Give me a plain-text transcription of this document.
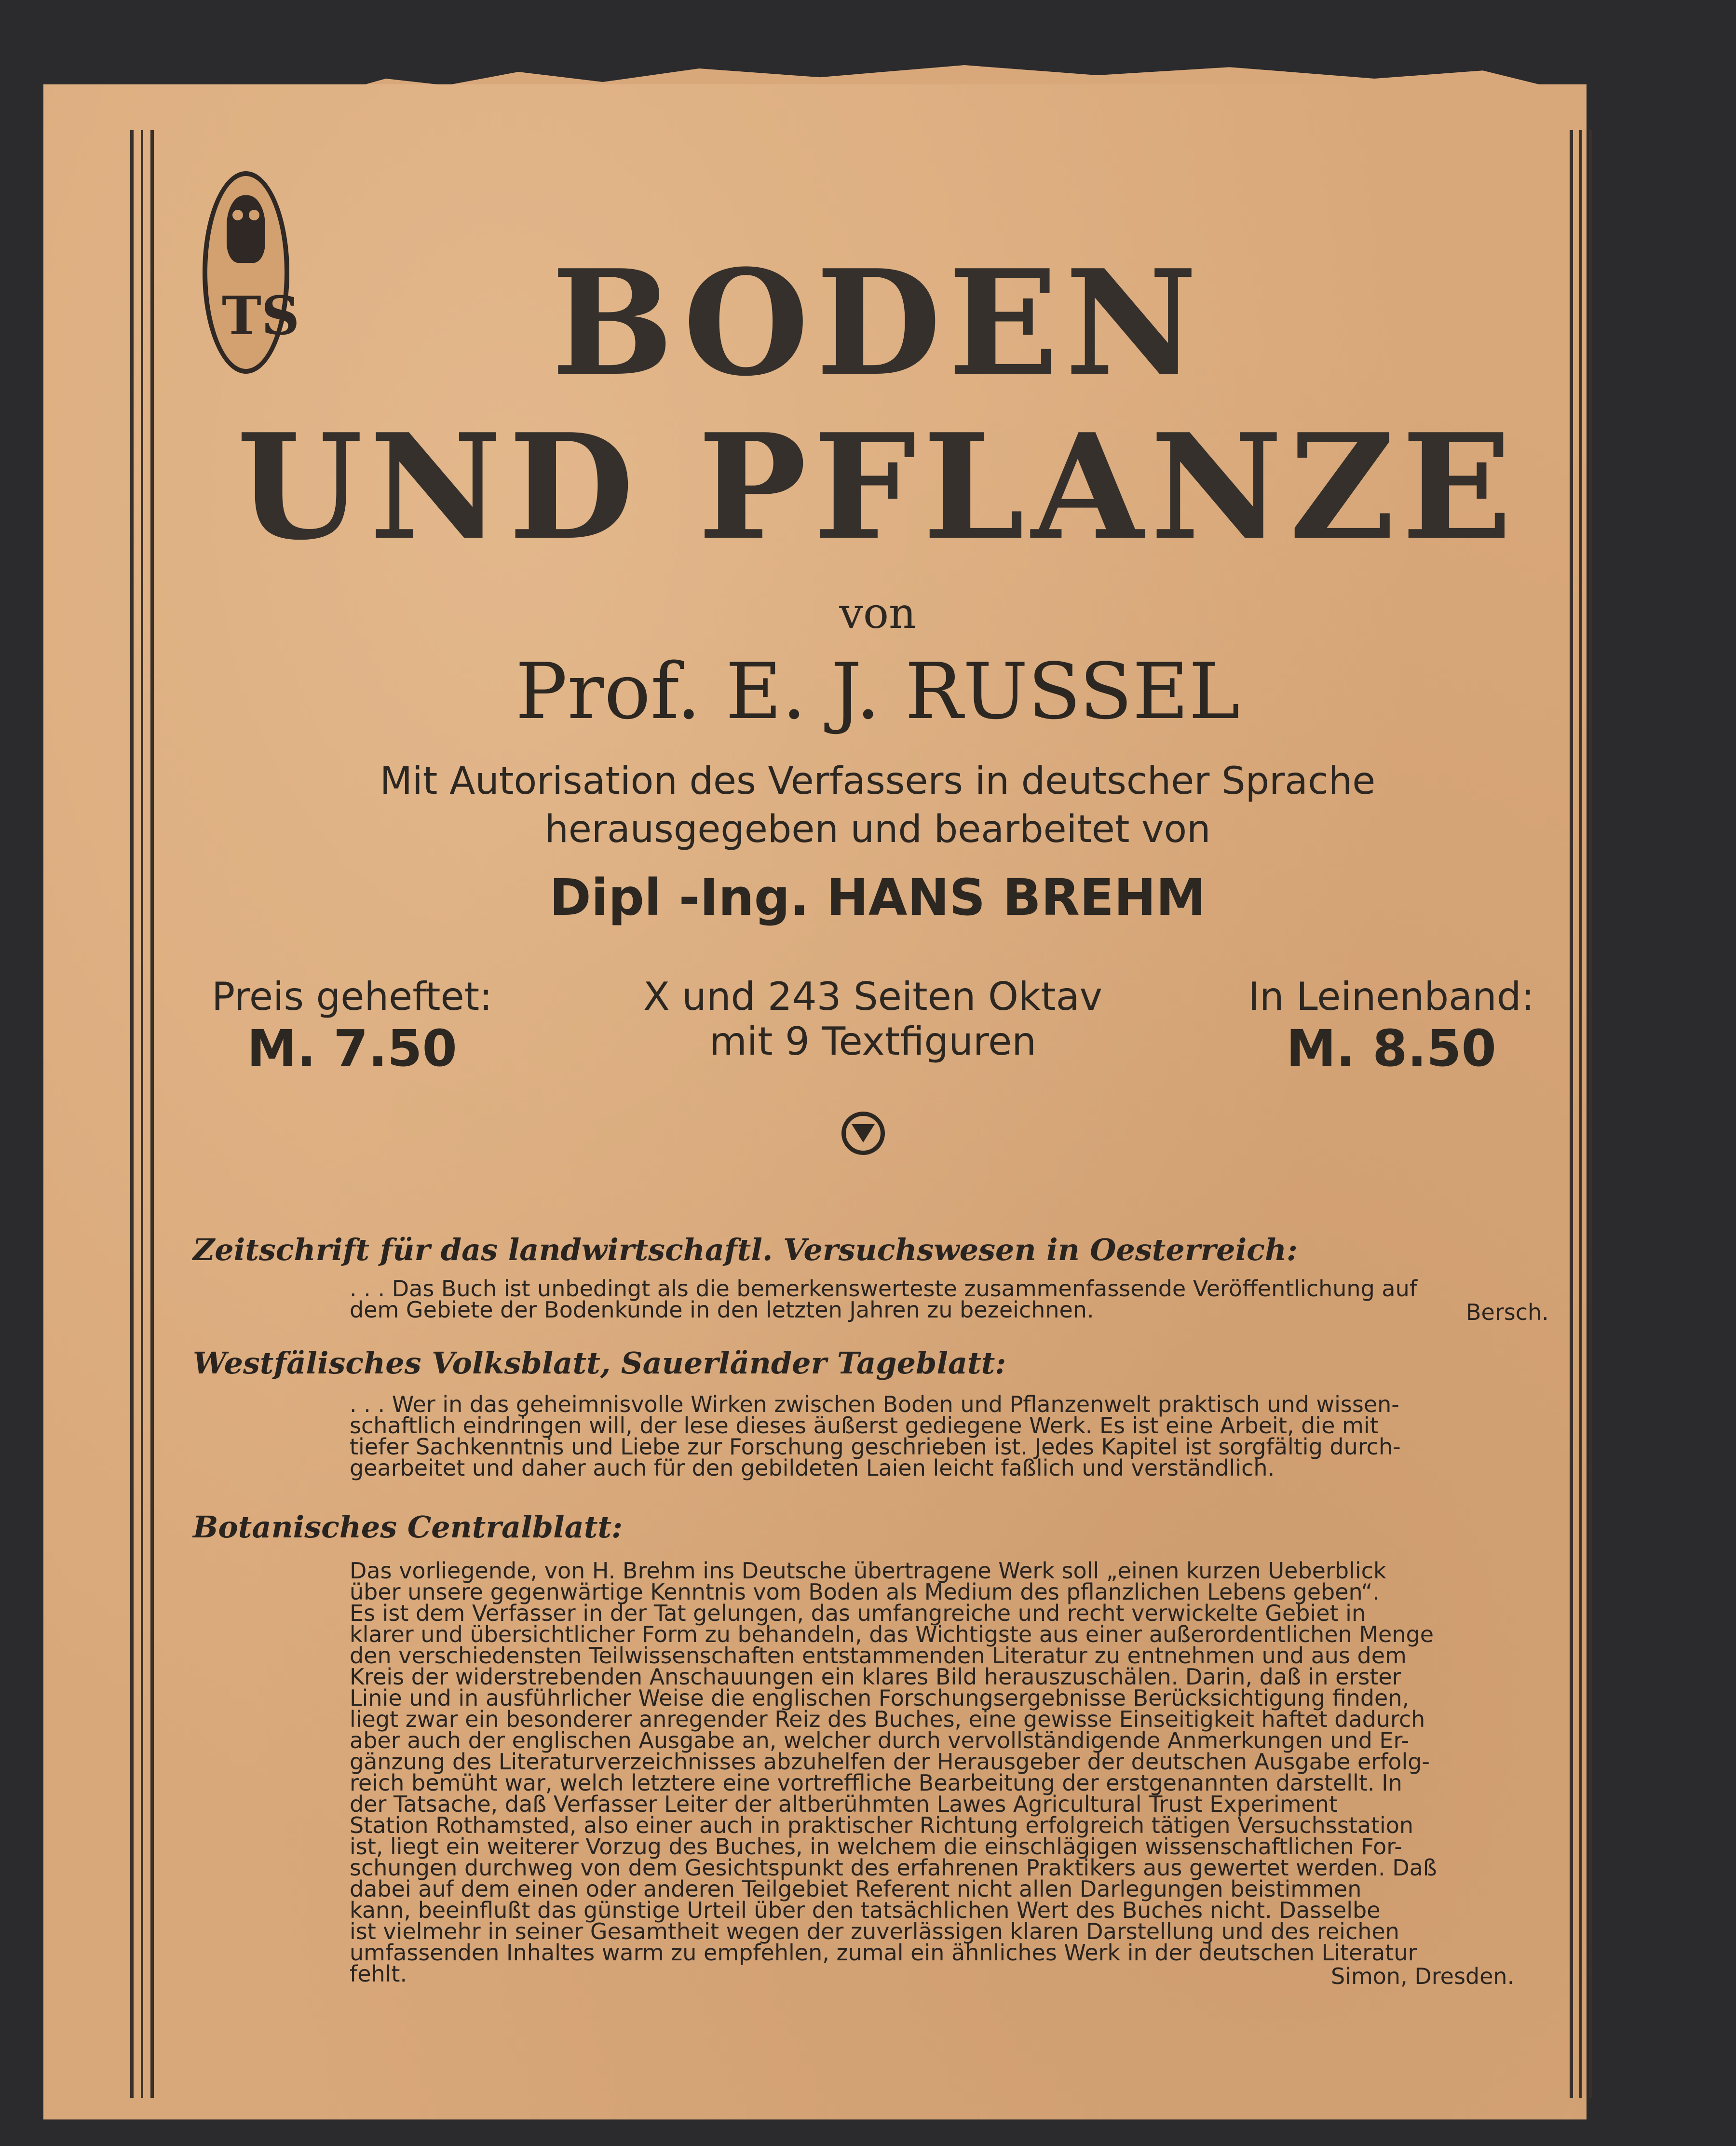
TS	BODEN
UND PFLANZE
von
Prof. E. J. RUSSEL
Mit Autorisation des Verfassers in deutscher Sprache
herausgegeben und bearbeitet von
Dipl -Ing. HANS BREHM
Preis geheftet:
M. 7.50
X und 243 Seiten Oktav
mit 9 Textfiguren
In Leinenband:
M. 8.50
Zeitschrift für das landwirtschaftl. Versuchswesen in Oesterreich:
. . . Das Buch ist unbedingt als die bemerkenswerteste zusammenfassende Veröffentlichung auf
dem Gebiete der Bodenkunde in den letzten Jahren zu bezeichnen.	Bersch.
Westfälisches Volksblatt, Sauerländer Tageblatt:
. . . Wer in das geheimnisvolle Wirken zwischen Boden und Pflanzenwelt praktisch und wissen-
schaftlich eindringen will, der lese dieses äußerst gediegene Werk. Es ist eine Arbeit, die mit
tiefer Sachkenntnis und Liebe zur Forschung geschrieben ist. Jedes Kapitel ist sorgfältig durch-
gearbeitet und daher auch für den gebildeten Laien leicht faßlich und verständlich.
Botanisches Centralblatt:
Das vorliegende, von H. Brehm ins Deutsche übertragene Werk soll „einen kurzen Ueberblick
über unsere gegenwärtige Kenntnis vom Boden als Medium des pflanzlichen Lebens geben“.
Es ist dem Verfasser in der Tat gelungen, das umfangreiche und recht verwickelte Gebiet in
klarer und übersichtlicher Form zu behandeln, das Wichtigste aus einer außerordentlichen Menge
den verschiedensten Teilwissenschaften entstammenden Literatur zu entnehmen und aus dem
Kreis der widerstrebenden Anschauungen ein klares Bild herauszuschälen. Darin, daß in erster
Linie und in ausführlicher Weise die englischen Forschungsergebnisse Berücksichtigung finden,
liegt zwar ein besonderer anregender Reiz des Buches, eine gewisse Einseitigkeit haftet dadurch
aber auch der englischen Ausgabe an, welcher durch vervollständigende Anmerkungen und Er-
gänzung des Literaturverzeichnisses abzuhelfen der Herausgeber der deutschen Ausgabe erfolg-
reich bemüht war, welch letztere eine vortreffliche Bearbeitung der erstgenannten darstellt. In
der Tatsache, daß Verfasser Leiter der altberühmten Lawes Agricultural Trust Experiment
Station Rothamsted, also einer auch in praktischer Richtung erfolgreich tätigen Versuchsstation
ist, liegt ein weiterer Vorzug des Buches, in welchem die einschlägigen wissenschaftlichen For-
schungen durchweg von dem Gesichtspunkt des erfahrenen Praktikers aus gewertet werden. Daß
dabei auf dem einen oder anderen Teilgebiet Referent nicht allen Darlegungen beistimmen
kann, beeinflußt das günstige Urteil über den tatsächlichen Wert des Buches nicht. Dasselbe
ist vielmehr in seiner Gesamtheit wegen der zuverlässigen klaren Darstellung und des reichen
umfassenden Inhaltes warm zu empfehlen, zumal ein ähnliches Werk in der deutschen Literatur
fehlt.	Simon, Dresden.
